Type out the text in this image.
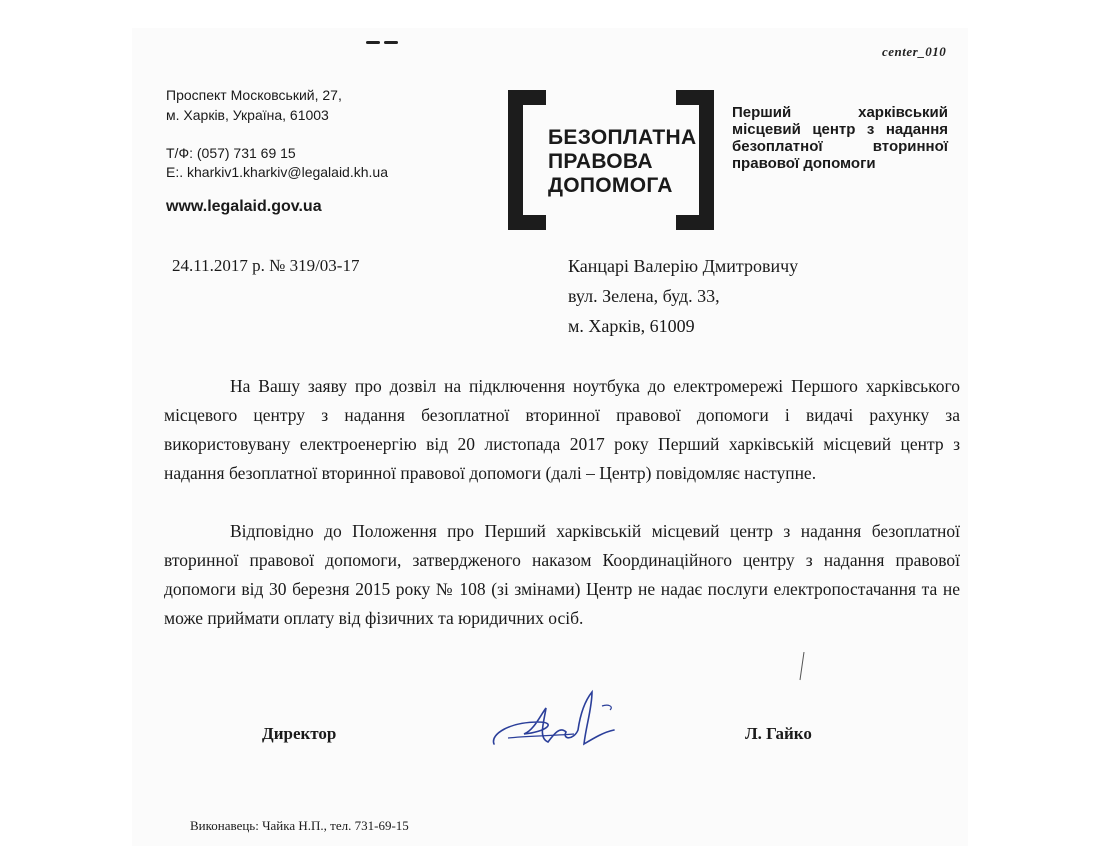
center_010
Проспект Московський, 27,
м. Харків, Україна, 61003
Т/Ф: (057) 731 69 15
E:. kharkiv1.kharkiv@legalaid.kh.ua
www.legalaid.gov.ua
БЕЗОПЛАТНА
ПРАВОВА
ДОПОМОГА
Перший харківський місцевий центр з надання безоплатної вторинної правової допомоги
24.11.2017 р. № 319/03-17	Канцарі Валерію Дмитровичу
вул. Зелена, буд. 33,
м. Харків, 61009
На Вашу заяву про дозвіл на підключення ноутбука до електромережі Першого харківського місцевого центру з надання безоплатної вторинної правової допомоги і видачі рахунку за використовувану електроенергію від 20 листопада 2017 року Перший харківській місцевий центр з надання безоплатної вторинної правової допомоги (далі – Центр) повідомляє наступне.
Відповідно до Положення про Перший харківській місцевий центр з надання безоплатної вторинної правової допомоги, затвердженого наказом Координаційного центру з надання правової допомоги від 30 березня 2015 року № 108 (зі змінами) Центр не надає послуги електропостачання та не може приймати оплату від фізичних та юридичних осіб.
Директор	Л. Гайко
Виконавець: Чайка Н.П., тел. 731-69-15
